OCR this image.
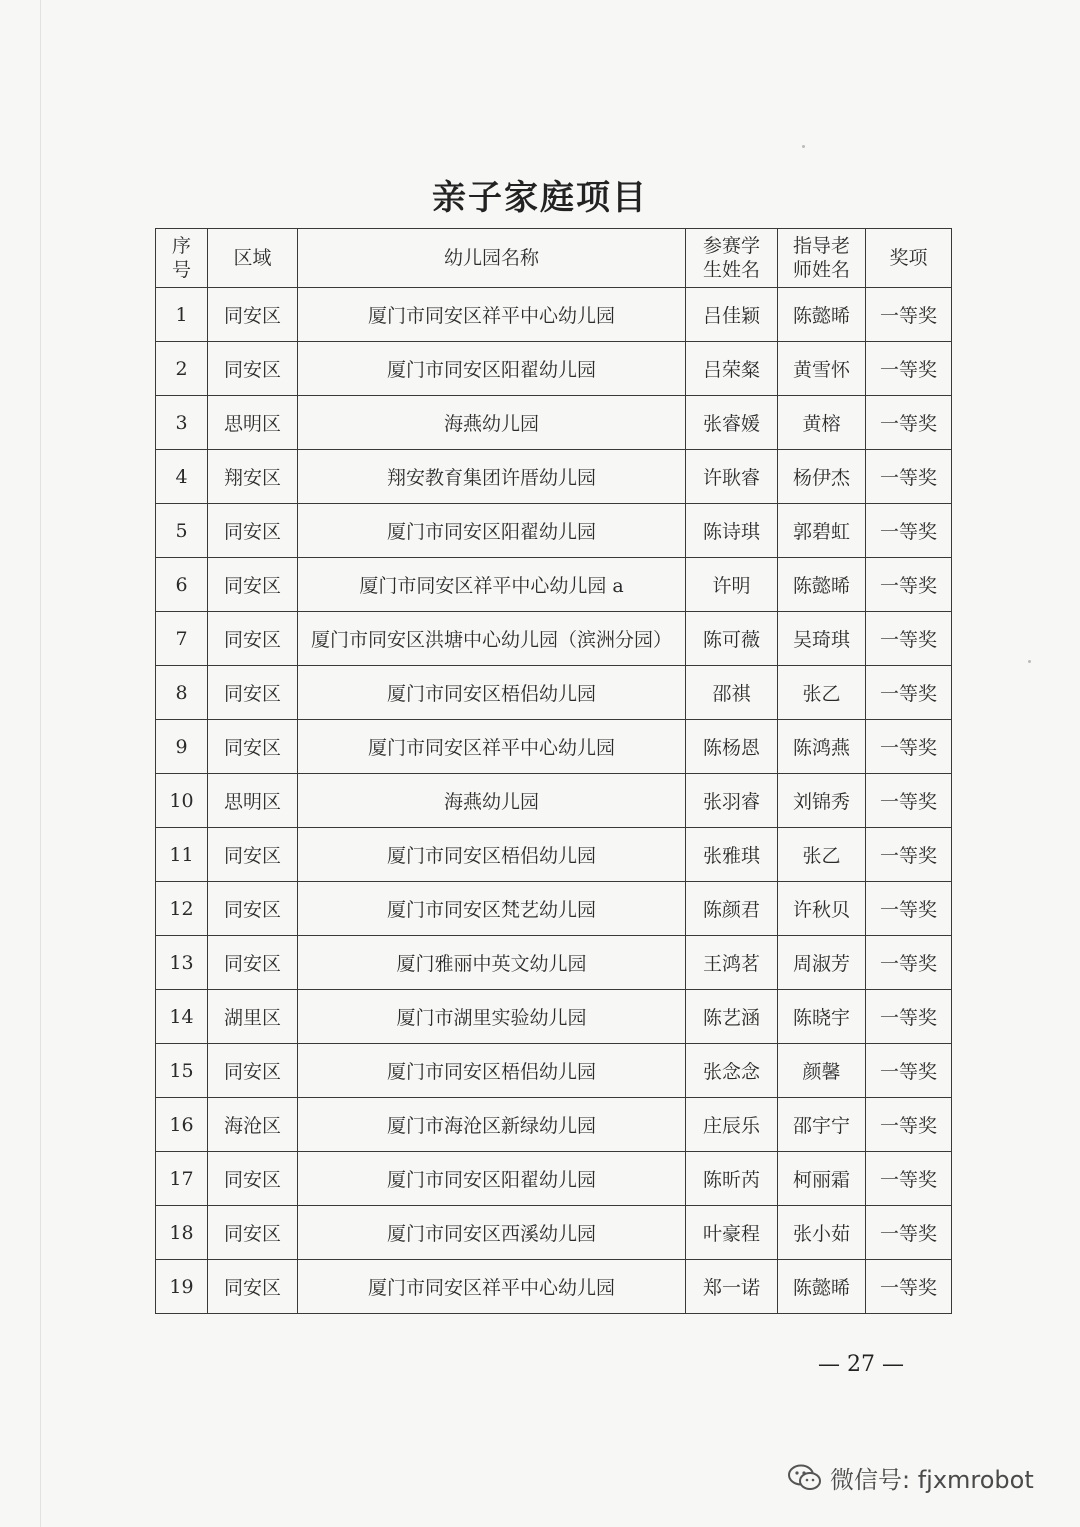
亲子家庭项目
序号	区域	幼儿园名称	参赛学生姓名	指导老师姓名	奖项
1	同安区	厦门市同安区祥平中心幼儿园	吕佳颖	陈懿晞	一等奖
2	同安区	厦门市同安区阳翟幼儿园	吕荣粲	黄雪怀	一等奖
3	思明区	海燕幼儿园	张睿媛	黄榕	一等奖
4	翔安区	翔安教育集团许厝幼儿园	许耿睿	杨伊杰	一等奖
5	同安区	厦门市同安区阳翟幼儿园	陈诗琪	郭碧虹	一等奖
6	同安区	厦门市同安区祥平中心幼儿园 a	许明	陈懿晞	一等奖
7	同安区	厦门市同安区洪塘中心幼儿园（滨洲分园）	陈可薇	吴琦琪	一等奖
8	同安区	厦门市同安区梧侣幼儿园	邵祺	张乙	一等奖
9	同安区	厦门市同安区祥平中心幼儿园	陈杨恩	陈鸿燕	一等奖
10	思明区	海燕幼儿园	张羽睿	刘锦秀	一等奖
11	同安区	厦门市同安区梧侣幼儿园	张雅琪	张乙	一等奖
12	同安区	厦门市同安区梵艺幼儿园	陈颜君	许秋贝	一等奖
13	同安区	厦门雅丽中英文幼儿园	王鸿茗	周淑芳	一等奖
14	湖里区	厦门市湖里实验幼儿园	陈艺涵	陈晓宇	一等奖
15	同安区	厦门市同安区梧侣幼儿园	张念念	颜馨	一等奖
16	海沧区	厦门市海沧区新绿幼儿园	庄辰乐	邵宇宁	一等奖
17	同安区	厦门市同安区阳翟幼儿园	陈昕芮	柯丽霜	一等奖
18	同安区	厦门市同安区西溪幼儿园	叶豪程	张小茹	一等奖
19	同安区	厦门市同安区祥平中心幼儿园	郑一诺	陈懿晞	一等奖
— 27 —
微信号: fjxmrobot
